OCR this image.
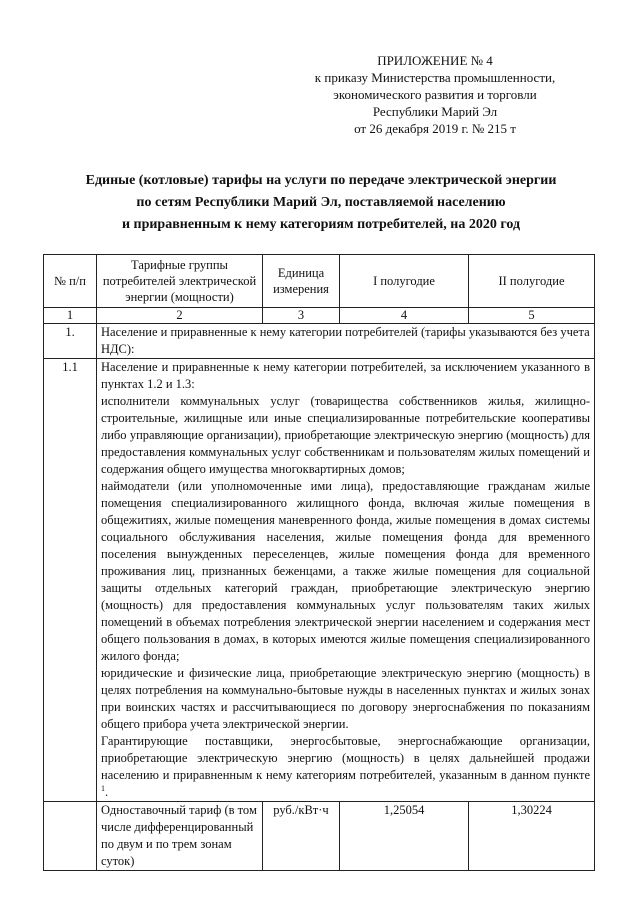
ПРИЛОЖЕНИЕ № 4
к приказу Министерства промышленности,
экономического развития и торговли
Республики Марий Эл
от 26 декабря 2019 г. № 215 т
Единые (котловые) тарифы на услуги по передаче электрической энергии
по сетям Республики Марий Эл, поставляемой населению
и приравненным к нему категориям потребителей, на 2020 год
№ п/п	Тарифные группы потребителей электрической энергии (мощности)	Единица измерения	I полугодие	II полугодие
1	2	3	4	5
1.	Население и приравненные к нему категории потребителей (тарифы указываются без учета НДС):			
1.1	Население и приравненные к нему категории потребителей, за исключением указанного в пунктах 1.2 и 1.3:
исполнители коммунальных услуг (товарищества собственников жилья, жилищно-строительные, жилищные или иные специализированные потребительские кооперативы либо управляющие организации), приобретающие электрическую энергию (мощность) для предоставления коммунальных услуг собственникам и пользователям жилых помещений и содержания общего имущества многоквартирных домов;
наймодатели (или уполномоченные ими лица), предоставляющие гражданам жилые помещения специализированного жилищного фонда, включая жилые помещения в общежитиях, жилые помещения маневренного фонда, жилые помещения в домах системы социального обслуживания населения, жилые помещения фонда для временного поселения вынужденных переселенцев, жилые помещения фонда для временного проживания лиц, признанных беженцами, а также жилые помещения для социальной защиты отдельных категорий граждан, приобретающие электрическую энергию (мощность) для предоставления коммунальных услуг пользователям таких жилых помещений в объемах потребления электрической энергии населением и содержания мест общего пользования в домах, в которых имеются жилые помещения специализированного жилого фонда;
юридические и физические лица, приобретающие электрическую энергию (мощность) в целях потребления на коммунально-бытовые нужды в населенных пунктах и жилых зонах при воинских частях и рассчитывающиеся по договору энергоснабжения по показаниям общего прибора учета электрической энергии.
Гарантирующие поставщики, энергосбытовые, энергоснабжающие организации, приобретающие электрическую энергию (мощность) в целях дальнейшей продажи населению и приравненным к нему категориям потребителей, указанным в данном пункте $^1$.			

	Одноставочный тариф (в том числе дифференцированный по двум и по трем зонам суток)	руб./кВт·ч	1,25054	1,30224
